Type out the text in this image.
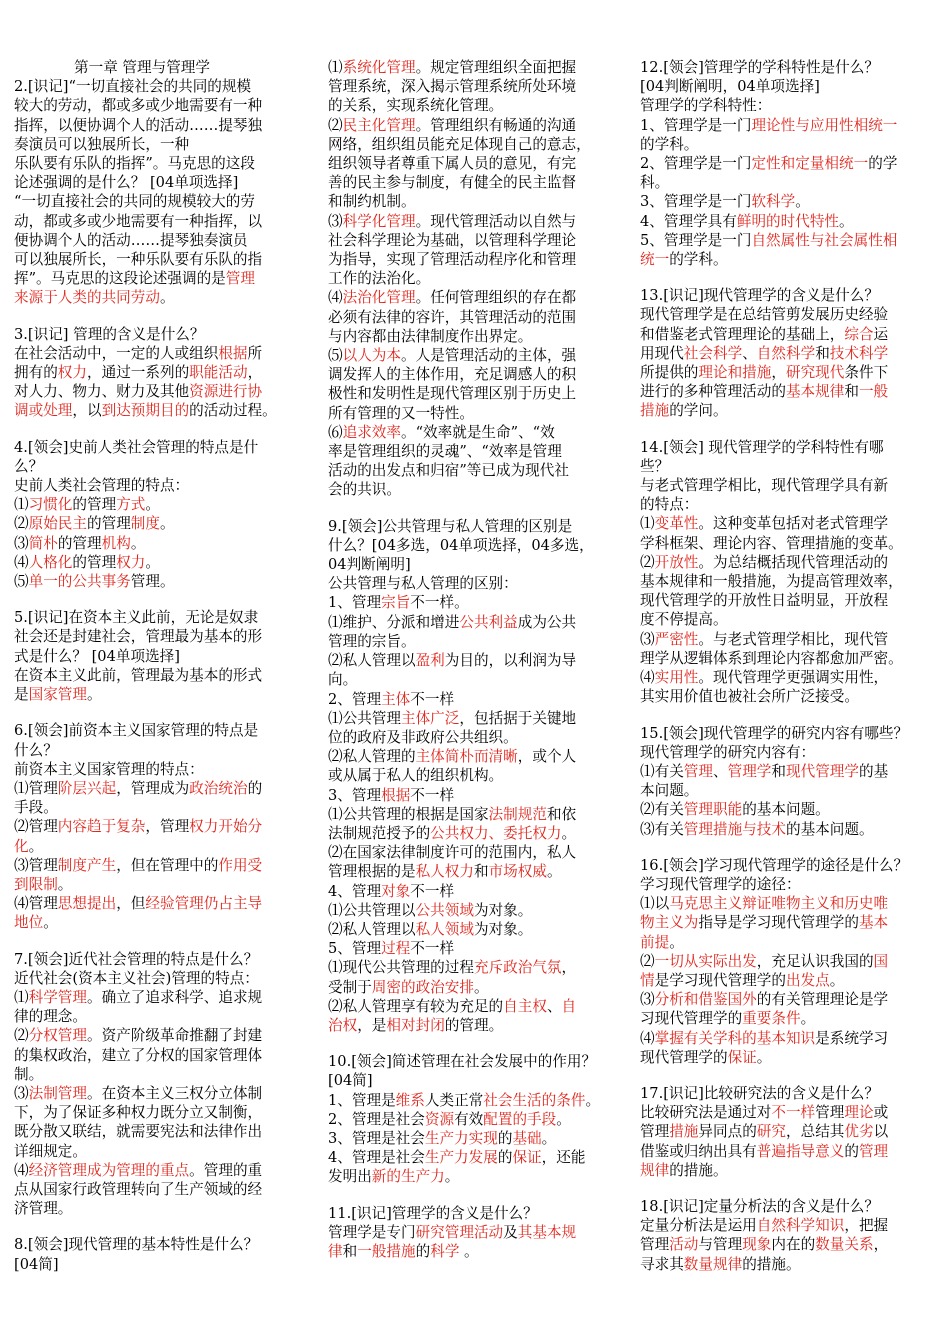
第一章 管理与管理学
2.[识记]“一切直接社会的共同的规模
较大的劳动，都或多或少地需要有一种
指挥，以便协调个人的活动……提琴独
奏演员可以独展所长，一种
乐队要有乐队的指挥”。马克思的这段
论述强调的是什么？ [04单项选择]
“一切直接社会的共同的规模较大的劳
动，都或多或少地需要有一种指挥，以
便协调个人的活动……提琴独奏演员
可以独展所长，一种乐队要有乐队的指
挥”。马克思的这段论述强调的是管理
来源于人类的共同劳动。
3.[识记] 管理的含义是什么？
在社会活动中，一定的人或组织根据所
拥有的权力，通过一系列的职能活动，
对人力、物力、财力及其他资源进行协
调或处理，以到达预期目的的活动过程。
4.[领会]史前人类社会管理的特点是什
么？
史前人类社会管理的特点：
⑴习惯化的管理方式。
⑵原始民主的管理制度。
⑶简朴的管理机构。
⑷人格化的管理权力。
⑸单一的公共事务管理。
5.[识记]在资本主义此前，无论是奴隶
社会还是封建社会，管理最为基本的形
式是什么？ [04单项选择]
在资本主义此前，管理最为基本的形式
是国家管理。
6.[领会]前资本主义国家管理的特点是
什么？
前资本主义国家管理的特点：
⑴管理阶层兴起，管理成为政治统治的
手段。
⑵管理内容趋于复杂，管理权力开始分
化。
⑶管理制度产生，但在管理中的作用受
到限制。
⑷管理思想提出，但经验管理仍占主导
地位。
7.[领会]近代社会管理的特点是什么？
近代社会(资本主义社会)管理的特点：
⑴科学管理。确立了追求科学、追求规
律的理念。
⑵分权管理。资产阶级革命推翻了封建
的集权政治，建立了分权的国家管理体
制。
⑶法制管理。在资本主义三权分立体制
下，为了保证多种权力既分立又制衡，
既分散又联结，就需要宪法和法律作出
详细规定。
⑷经济管理成为管理的重点。管理的重
点从国家行政管理转向了生产领域的经
济管理。
8.[领会]现代管理的基本特性是什么？
[04简]
⑴系统化管理。规定管理组织全面把握
管理系统，深入揭示管理系统所处环境
的关系，实现系统化管理。
⑵民主化管理。管理组织有畅通的沟通
网络，组织组员能充足体现自己的意志，
组织领导者尊重下属人员的意见，有完
善的民主参与制度，有健全的民主监督
和制约机制。
⑶科学化管理。现代管理活动以自然与
社会科学理论为基础，以管理科学理论
为指导，实现了管理活动程序化和管理
工作的法治化。
⑷法治化管理。任何管理组织的存在都
必须有法律的容许，其管理活动的范围
与内容都由法律制度作出界定。
⑸以人为本。人是管理活动的主体，强
调发挥人的主体作用，充足调感人的积
极性和发明性是现代管理区别于历史上
所有管理的又一特性。
⑹追求效率。“效率就是生命”、“效
率是管理组织的灵魂”、“效率是管理
活动的出发点和归宿”等已成为现代社
会的共识。
9.[领会]公共管理与私人管理的区别是
什么？[04多选，04单项选择，04多选，
04判断阐明]
公共管理与私人管理的区别：
1、管理宗旨不一样。
⑴维护、分派和增进公共利益成为公共
管理的宗旨。
⑵私人管理以盈利为目的，以利润为导
向。
2、管理主体不一样
⑴公共管理主体广泛，包括据于关键地
位的政府及非政府公共组织。
⑵私人管理的主体简朴而清晰，或个人
或从属于私人的组织机构。
3、管理根据不一样
⑴公共管理的根据是国家法制规范和依
法制规范授予的公共权力、委托权力。
⑵在国家法律制度许可的范围内，私人
管理根据的是私人权力和市场权威。
4、管理对象不一样
⑴公共管理以公共领域为对象。
⑵私人管理以私人领域为对象。
5、管理过程不一样
⑴现代公共管理的过程充斥政治气氛，
受制于周密的政治安排。
⑵私人管理享有较为充足的自主权、自
治权，是相对封闭的管理。
10.[领会]简述管理在社会发展中的作用？
[04简]
1、管理是维系人类正常社会生活的条件。
2、管理是社会资源有效配置的手段。
3、管理是社会生产力实现的基础。
4、管理是社会生产力发展的保证，还能
发明出新的生产力。
11.[识记]管理学的含义是什么？
管理学是专门研究管理活动及其基本规
律和一般措施的科学 。
12.[领会]管理学的学科特性是什么？
[04判断阐明，04单项选择]
管理学的学科特性：
1、管理学是一门理论性与应用性相统一
的学科。
2、管理学是一门定性和定量相统一的学
科。
3、管理学是一门软科学。
4、管理学具有鲜明的时代特性。
5、管理学是一门自然属性与社会属性相
统一的学科。
13.[识记]现代管理学的含义是什么？
现代管理学是在总结管剪发展历史经验
和借鉴老式管理理论的基础上，综合运
用现代社会科学、自然科学和技术科学
所提供的理论和措施，研究现代条件下
进行的多种管理活动的基本规律和一般
措施的学问。
14.[领会] 现代管理学的学科特性有哪
些？
与老式管理学相比，现代管理学具有新
的特点：
⑴变革性。这种变革包括对老式管理学
学科框架、理论内容、管理措施的变革。
⑵开放性。为总结概括现代管理活动的
基本规律和一般措施，为提高管理效率，
现代管理学的开放性日益明显，开放程
度不停提高。
⑶严密性。与老式管理学相比，现代管
理学从逻辑体系到理论内容都愈加严密。
⑷实用性。现代管理学更强调实用性，
其实用价值也被社会所广泛接受。
15.[领会]现代管理学的研究内容有哪些？
现代管理学的研究内容有：
⑴有关管理、管理学和现代管理学的基
本问题。
⑵有关管理职能的基本问题。
⑶有关管理措施与技术的基本问题。
16.[领会]学习现代管理学的途径是什么？
学习现代管理学的途径：
⑴以马克思主义辩证唯物主义和历史唯
物主义为指导是学习现代管理学的基本
前提。
⑵一切从实际出发，充足认识我国的国
情是学习现代管理学的出发点。
⑶分析和借鉴国外的有关管理理论是学
习现代管理学的重要条件。
⑷掌握有关学科的基本知识是系统学习
现代管理学的保证。
17.[识记]比较研究法的含义是什么？
比较研究法是通过对不一样管理理论或
管理措施异同点的研究，总结其优劣以
借鉴或归纳出具有普遍指导意义的管理
规律的措施。
18.[识记]定量分析法的含义是什么？
定量分析法是运用自然科学知识，把握
管理活动与管理现象内在的数量关系，
寻求其数量规律的措施。
